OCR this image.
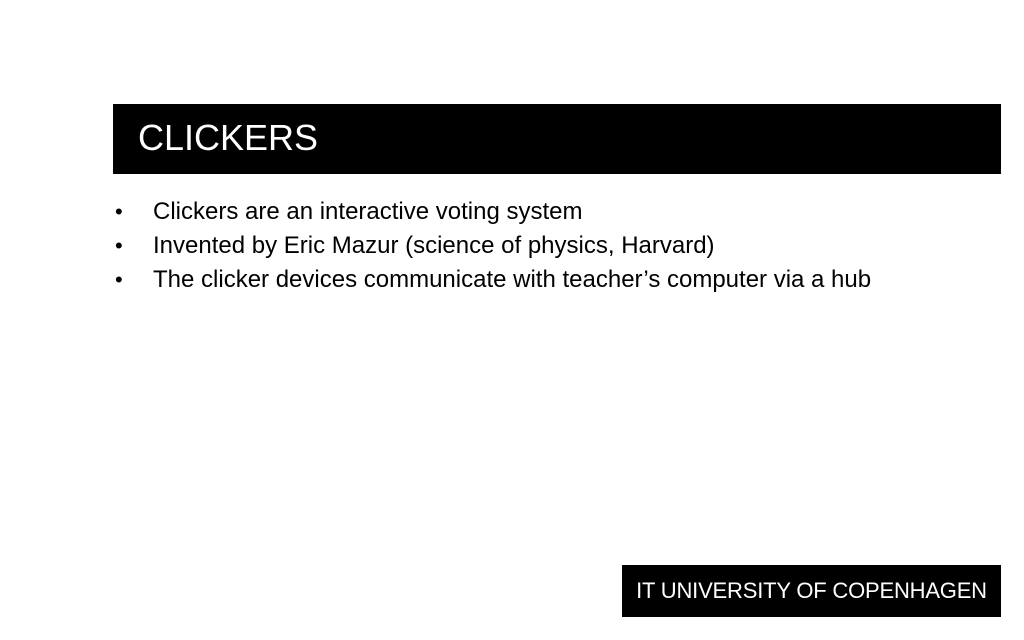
CLICKERS
•	Clickers are an interactive voting system
•	Invented by Eric Mazur (science of physics, Harvard)
•	The clicker devices communicate with teacher’s computer via a hub
IT UNIVERSITY OF COPENHAGEN
